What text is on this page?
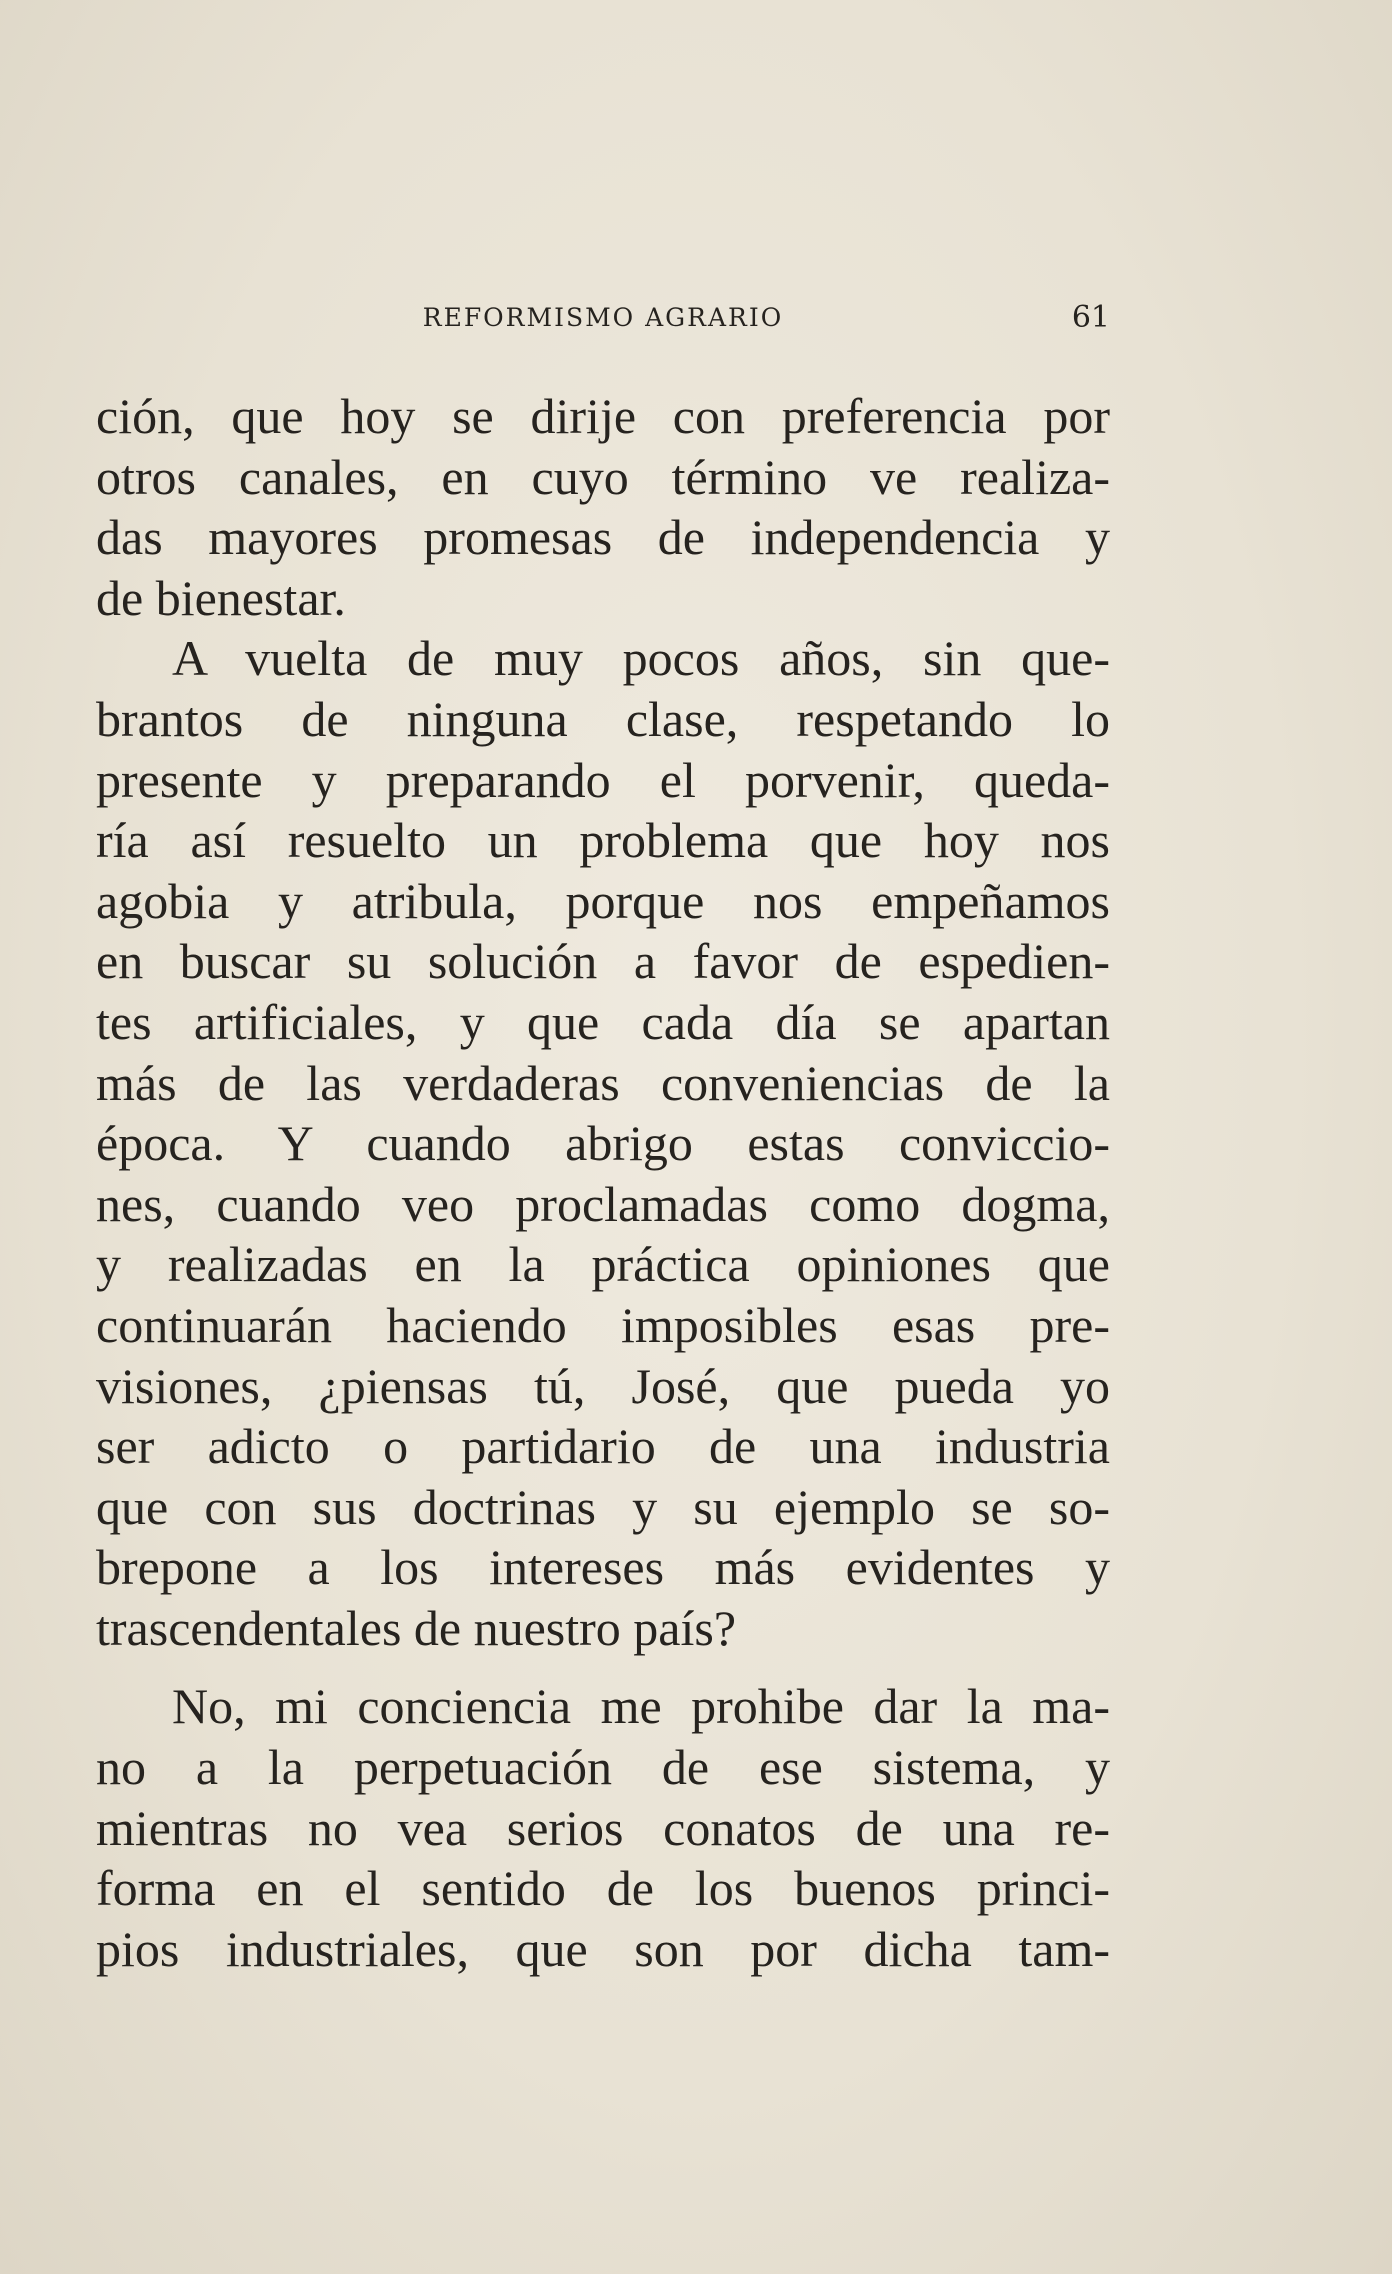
REFORMISMO AGRARIO	61
ción, que hoy se dirije con preferencia por
otros canales, en cuyo término ve realiza-
das mayores promesas de independencia y
de bienestar.
A vuelta de muy pocos años, sin que-
brantos de ninguna clase, respetando lo
presente y preparando el porvenir, queda-
ría así resuelto un problema que hoy nos
agobia y atribula, porque nos empeñamos
en buscar su solución a favor de espedien-
tes artificiales, y que cada día se apartan
más de las verdaderas conveniencias de la
época. Y cuando abrigo estas conviccio-
nes, cuando veo proclamadas como dogma,
y realizadas en la práctica opiniones que
continuarán haciendo imposibles esas pre-
visiones, ¿piensas tú, José, que pueda yo
ser adicto o partidario de una industria
que con sus doctrinas y su ejemplo se so-
brepone a los intereses más evidentes y
trascendentales de nuestro país?
No, mi conciencia me prohibe dar la ma-
no a la perpetuación de ese sistema, y
mientras no vea serios conatos de una re-
forma en el sentido de los buenos princi-
pios industriales, que son por dicha tam-
